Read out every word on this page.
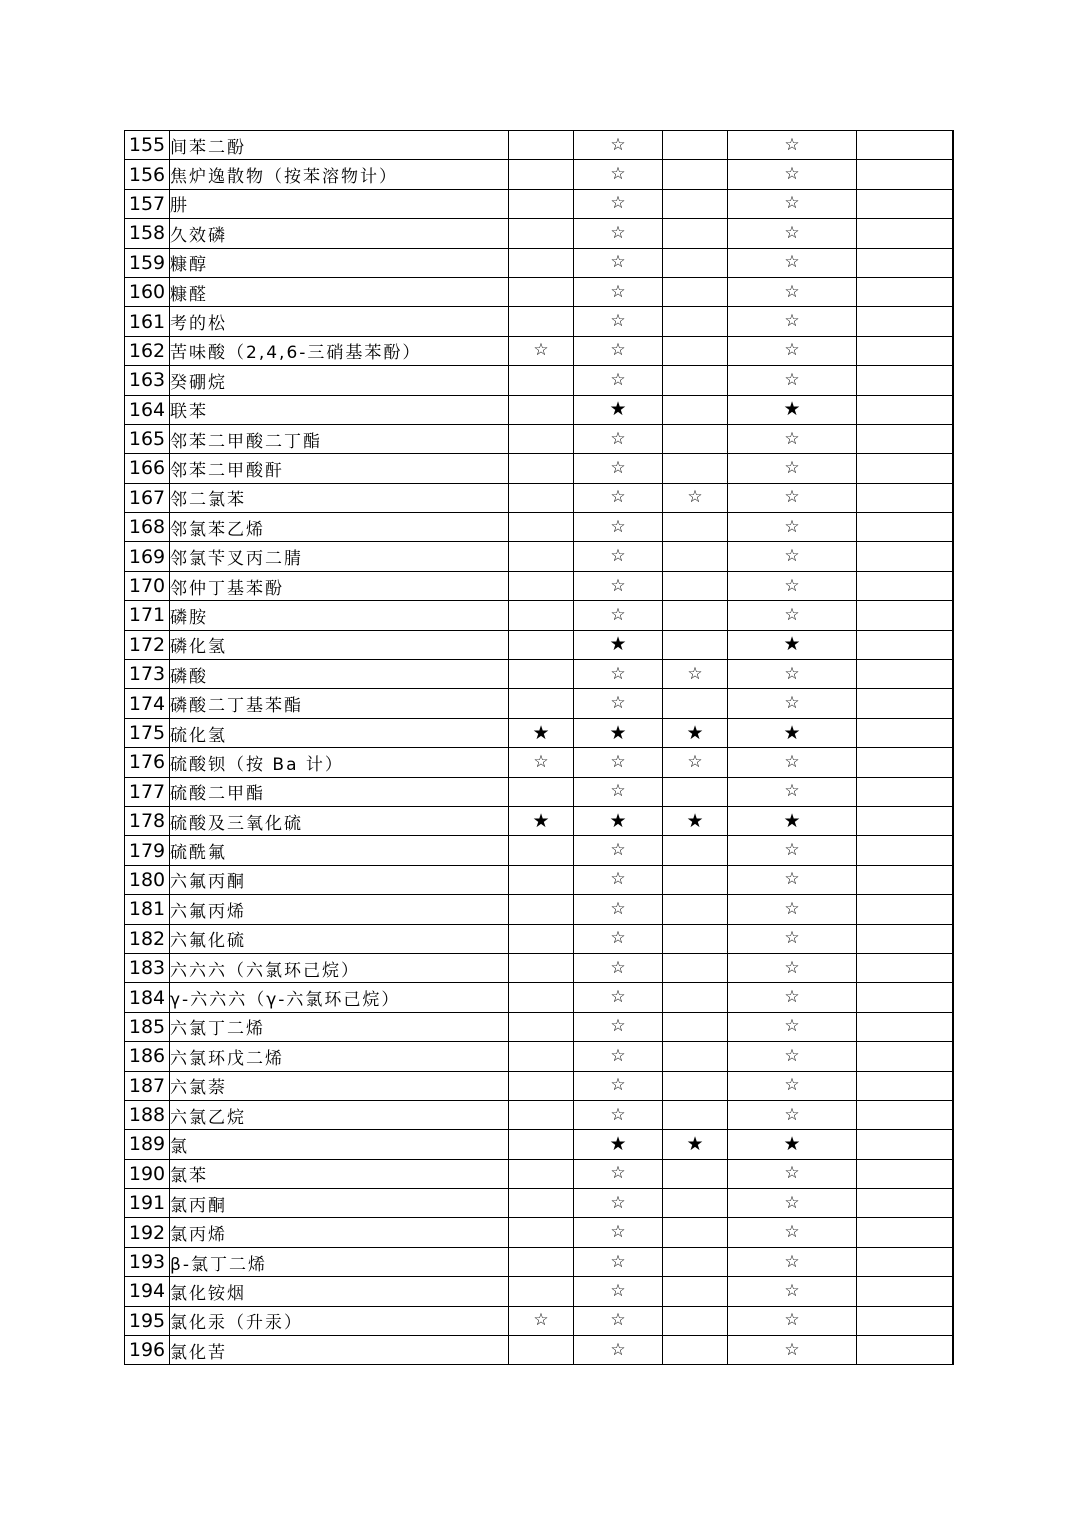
155	间苯二酚		☆		☆	
156	焦炉逸散物（按苯溶物计）		☆		☆	
157	肼		☆		☆	
158	久效磷		☆		☆	
159	糠醇		☆		☆	
160	糠醛		☆		☆	
161	考的松		☆		☆	
162	苦味酸（2,4,6-三硝基苯酚）	☆	☆		☆	
163	癸硼烷		☆		☆	
164	联苯		★		★	
165	邻苯二甲酸二丁酯		☆		☆	
166	邻苯二甲酸酐		☆		☆	
167	邻二氯苯		☆	☆	☆	
168	邻氯苯乙烯		☆		☆	
169	邻氯苄叉丙二腈		☆		☆	
170	邻仲丁基苯酚		☆		☆	
171	磷胺		☆		☆	
172	磷化氢		★		★	
173	磷酸		☆	☆	☆	
174	磷酸二丁基苯酯		☆		☆	
175	硫化氢	★	★	★	★	
176	硫酸钡（按 Ba 计）	☆	☆	☆	☆	
177	硫酸二甲酯		☆		☆	
178	硫酸及三氧化硫	★	★	★	★	
179	硫酰氟		☆		☆	
180	六氟丙酮		☆		☆	
181	六氟丙烯		☆		☆	
182	六氟化硫		☆		☆	
183	六六六（六氯环己烷）		☆		☆	
184	γ-六六六（γ-六氯环己烷）		☆		☆	
185	六氯丁二烯		☆		☆	
186	六氯环戊二烯		☆		☆	
187	六氯萘		☆		☆	
188	六氯乙烷		☆		☆	
189	氯		★	★	★	
190	氯苯		☆		☆	
191	氯丙酮		☆		☆	
192	氯丙烯		☆		☆	
193	β-氯丁二烯		☆		☆	
194	氯化铵烟		☆		☆	
195	氯化汞（升汞）	☆	☆		☆	
196	氯化苦		☆		☆	
